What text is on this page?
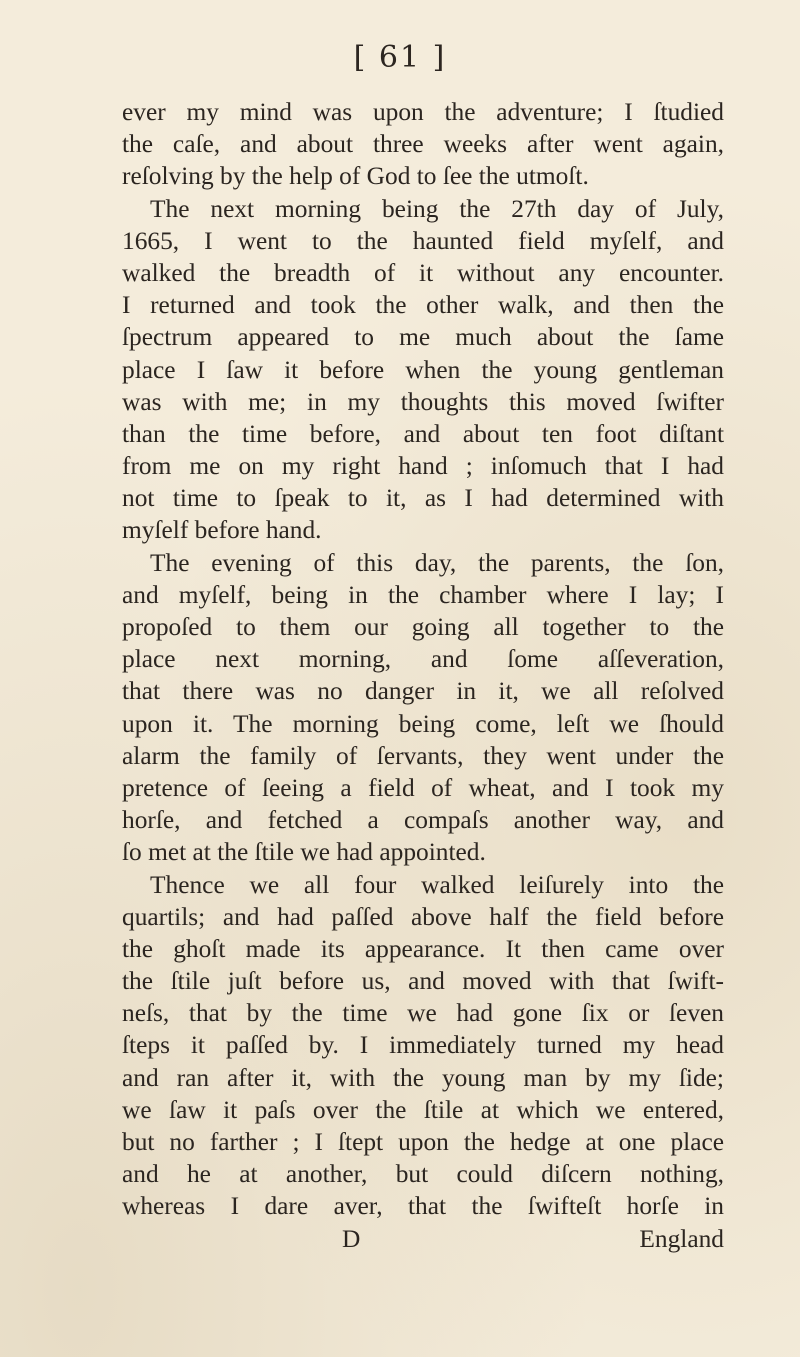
[ 61 ]
ever my mind was upon the adventure; I ſtudied
the caſe, and about three weeks after went again,
reſolving by the help of God to ſee the utmoſt.
The next morning being the 27th day of July,
1665, I went to the haunted field myſelf, and
walked the breadth of it without any encounter.
I returned and took the other walk, and then the
ſpectrum appeared to me much about the ſame
place I ſaw it before when the young gentleman
was with me; in my thoughts this moved ſwifter
than the time before, and about ten foot diſtant
from me on my right hand ; inſomuch that I had
not time to ſpeak to it, as I had determined with
myſelf before hand.
The evening of this day, the parents, the ſon,
and myſelf, being in the chamber where I lay; I
propoſed to them our going all together to the
place next morning, and ſome aſſeveration,
that there was no danger in it, we all reſolved
upon it. The morning being come, leſt we ſhould
alarm the family of ſervants, they went under the
pretence of ſeeing a field of wheat, and I took my
horſe, and fetched a compaſs another way, and
ſo met at the ſtile we had appointed.
Thence we all four walked leiſurely into the
quartils; and had paſſed above half the field before
the ghoſt made its appearance. It then came over
the ſtile juſt before us, and moved with that ſwift-
neſs, that by the time we had gone ſix or ſeven
ſteps it paſſed by. I immediately turned my head
and ran after it, with the young man by my ſide;
we ſaw it paſs over the ſtile at which we entered,
but no farther ; I ſtept upon the hedge at one place
and he at another, but could diſcern nothing,
whereas I dare aver, that the ſwifteſt horſe in
D	England
